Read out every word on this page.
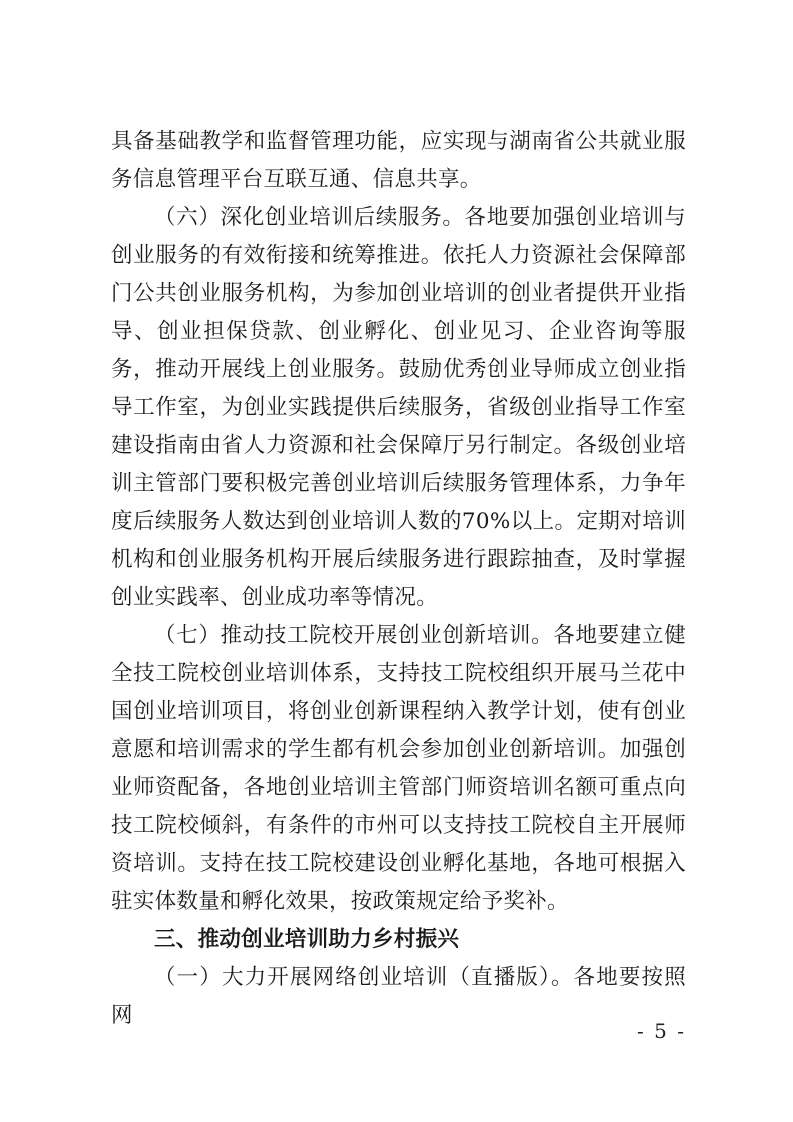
具备基础教学和监督管理功能，应实现与湖南省公共就业服务信息管理平台互联互通、信息共享。

（六）深化创业培训后续服务。各地要加强创业培训与创业服务的有效衔接和统筹推进。依托人力资源社会保障部门公共创业服务机构，为参加创业培训的创业者提供开业指导、创业担保贷款、创业孵化、创业见习、企业咨询等服务，推动开展线上创业服务。鼓励优秀创业导师成立创业指导工作室，为创业实践提供后续服务，省级创业指导工作室建设指南由省人力资源和社会保障厅另行制定。各级创业培训主管部门要积极完善创业培训后续服务管理体系，力争年度后续服务人数达到创业培训人数的70%以上。定期对培训机构和创业服务机构开展后续服务进行跟踪抽查，及时掌握创业实践率、创业成功率等情况。

（七）推动技工院校开展创业创新培训。各地要建立健全技工院校创业培训体系，支持技工院校组织开展马兰花中国创业培训项目，将创业创新课程纳入教学计划，使有创业意愿和培训需求的学生都有机会参加创业创新培训。加强创业师资配备，各地创业培训主管部门师资培训名额可重点向技工院校倾斜，有条件的市州可以支持技工院校自主开展师资培训。支持在技工院校建设创业孵化基地，各地可根据入驻实体数量和孵化效果，按政策规定给予奖补。

三、推动创业培训助力乡村振兴

（一）大力开展网络创业培训（直播版）。各地要按照网

- 5 -
